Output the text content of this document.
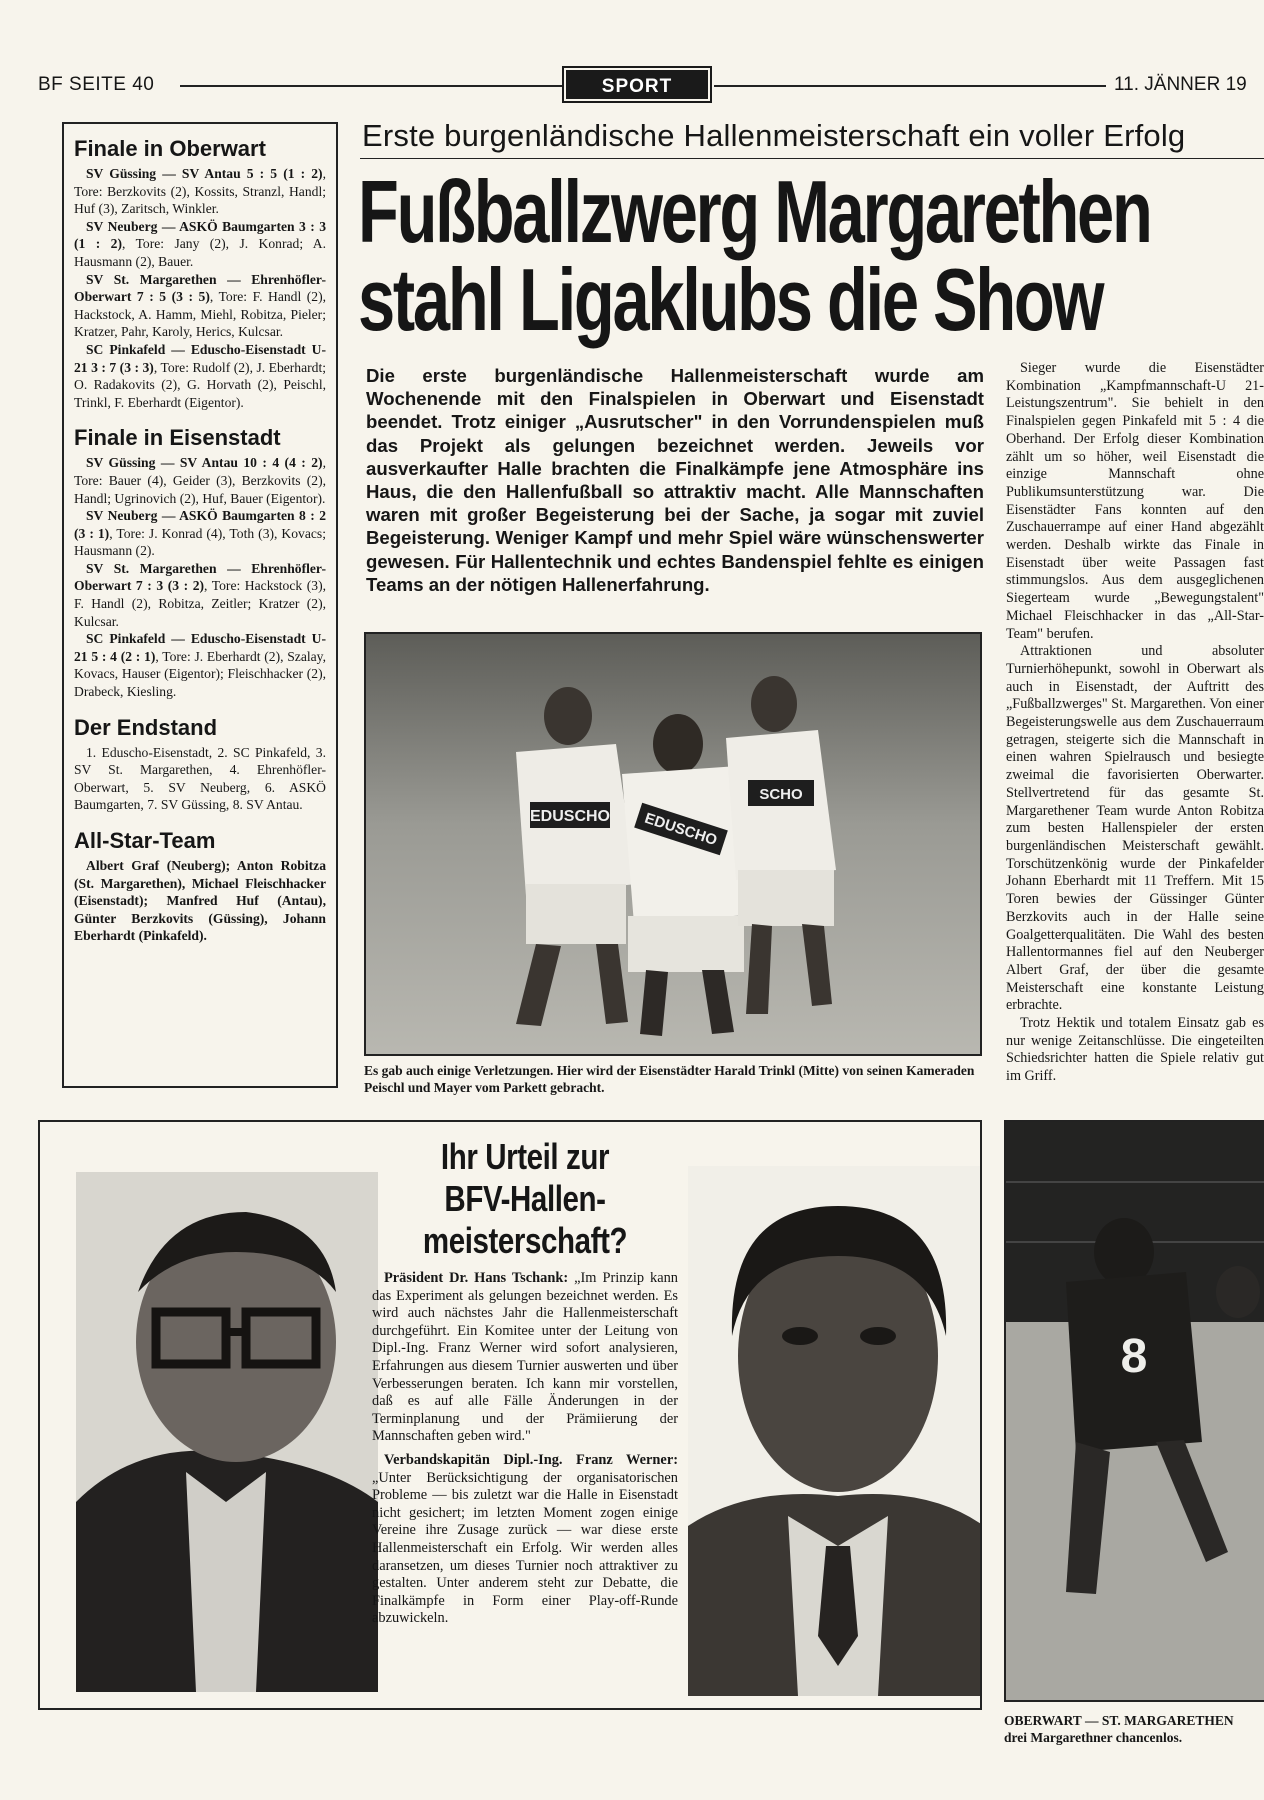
BF SEITE 40	SPORT	11. JÄNNER 19
Finale in Oberwart

SV Güssing — SV Antau 5 : 5 (1 : 2), Tore: Berzkovits (2), Kossits, Stranzl, Handl; Huf (3), Zaritsch, Winkler.

SV Neuberg — ASKÖ Baumgarten 3 : 3 (1 : 2), Tore: Jany (2), J. Konrad; A. Hausmann (2), Bauer.

SV St. Margarethen — Ehrenhöfler-Oberwart 7 : 5 (3 : 5), Tore: F. Handl (2), Hackstock, A. Hamm, Miehl, Robitza, Pieler; Kratzer, Pahr, Karoly, Herics, Kulcsar.

SC Pinkafeld — Eduscho-Eisenstadt U-21 3 : 7 (3 : 3), Tore: Rudolf (2), J. Eberhardt; O. Radakovits (2), G. Horvath (2), Peischl, Trinkl, F. Eberhardt (Eigentor).

Finale in Eisenstadt

SV Güssing — SV Antau 10 : 4 (4 : 2), Tore: Bauer (4), Geider (3), Berzkovits (2), Handl; Ugrinovich (2), Huf, Bauer (Eigentor).

SV Neuberg — ASKÖ Baumgarten 8 : 2 (3 : 1), Tore: J. Konrad (4), Toth (3), Kovacs; Hausmann (2).

SV St. Margarethen — Ehrenhöfler-Oberwart 7 : 3 (3 : 2), Tore: Hackstock (3), F. Handl (2), Robitza, Zeitler; Kratzer (2), Kulcsar.

SC Pinkafeld — Eduscho-Eisenstadt U-21 5 : 4 (2 : 1), Tore: J. Eberhardt (2), Szalay, Kovacs, Hauser (Eigentor); Fleischhacker (2), Drabeck, Kiesling.

Der Endstand

1. Eduscho-Eisenstadt, 2. SC Pinkafeld, 3. SV St. Margarethen, 4. Ehrenhöfler-Oberwart, 5. SV Neuberg, 6. ASKÖ Baumgarten, 7. SV Güssing, 8. SV Antau.

All-Star-Team

Albert Graf (Neuberg); Anton Robitza (St. Margarethen), Michael Fleischhacker (Eisenstadt); Manfred Huf (Antau), Günter Berzkovits (Güssing), Johann Eberhardt (Pinkafeld).

Erste burgenländische Hallenmeisterschaft ein voller Erfolg
Fußballzwerg Margarethen
stahl Ligaklubs die Show

Die erste burgenländische Hallenmeisterschaft wurde am Wochenende mit den Finalspielen in Oberwart und Eisenstadt beendet. Trotz einiger „Ausrutscher" in den Vorrundenspielen muß das Projekt als gelungen bezeichnet werden. Jeweils vor ausverkaufter Halle brachten die Finalkämpfe jene Atmosphäre ins Haus, die den Hallenfußball so attraktiv macht. Alle Mannschaften waren mit großer Begeisterung bei der Sache, ja sogar mit zuviel Begeisterung. Weniger Kampf und mehr Spiel wäre wünschenswerter gewesen. Für Hallentechnik und echtes Bandenspiel fehlte es einigen Teams an der nötigen Hallenerfahrung.

Sieger wurde die Eisenstädter Kombination „Kampfmannschaft-U 21-Leistungszentrum". Sie behielt in den Finalspielen gegen Pinkafeld mit 5 : 4 die Oberhand. Der Erfolg dieser Kombination zählt um so höher, weil Eisenstadt die einzige Mannschaft ohne Publikumsunterstützung war. Die Eisenstädter Fans konnten auf den Zuschauerrampe auf einer Hand abgezählt werden. Deshalb wirkte das Finale in Eisenstadt über weite Passagen fast stimmungslos. Aus dem ausgeglichenen Siegerteam wurde „Bewegungstalent" Michael Fleischhacker in das „All-Star-Team" berufen.

Attraktionen und absoluter Turnierhöhepunkt, sowohl in Oberwart als auch in Eisenstadt, der Auftritt des „Fußballzwerges" St. Margarethen. Von einer Begeisterungswelle aus dem Zuschauerraum getragen, steigerte sich die Mannschaft in einen wahren Spielrausch und besiegte zweimal die favorisierten Oberwarter. Stellvertretend für das gesamte St. Margarethener Team wurde Anton Robitza zum besten Hallenspieler der ersten burgenländischen Meisterschaft gewählt. Torschützenkönig wurde der Pinkafelder Johann Eberhardt mit 11 Treffern. Mit 15 Toren bewies der Güssinger Günter Berzkovits auch in der Halle seine Goalgetterqualitäten. Die Wahl des besten Hallentormannes fiel auf den Neuberger Albert Graf, der über die gesamte Meisterschaft eine konstante Leistung erbrachte.

Trotz Hektik und totalem Einsatz gab es nur wenige Zeitanschlüsse. Die eingeteilten Schiedsrichter hatten die Spiele relativ gut im Griff.

EDUSCHO EDUSCHO
SCHO

Es gab auch einige Verletzungen. Hier wird der Eisenstädter Harald Trinkl (Mitte) von seinen Kameraden Peischl und Mayer vom Parkett gebracht.

Ihr Urteil zur

BFV-Hallen-

meisterschaft?

Präsident Dr. Hans Tschank: „Im Prinzip kann das Experiment als gelungen bezeichnet werden. Es wird auch nächstes Jahr die Hallenmeisterschaft durchgeführt. Ein Komitee unter der Leitung von Dipl.-Ing. Franz Werner wird sofort analysieren, Erfahrungen aus diesem Turnier auswerten und über Verbesserungen beraten. Ich kann mir vorstellen, daß es auf alle Fälle Änderungen in der Terminplanung und der Prämiierung der Mannschaften geben wird."

Verbandskapitän Dipl.-Ing. Franz Werner: „Unter Berücksichtigung der organisatorischen Probleme — bis zuletzt war die Halle in Eisenstadt nicht gesichert; im letzten Moment zogen einige Vereine ihre Zusage zurück — war diese erste Hallenmeisterschaft ein Erfolg. Wir werden alles daransetzen, um dieses Turnier noch attraktiver zu gestalten. Unter anderem steht zur Debatte, die Finalkämpfe in Form einer Play-off-Runde abzuwickeln.

8

OBERWART — ST. MARGARETHEN
drei Margarethner chancenlos.
